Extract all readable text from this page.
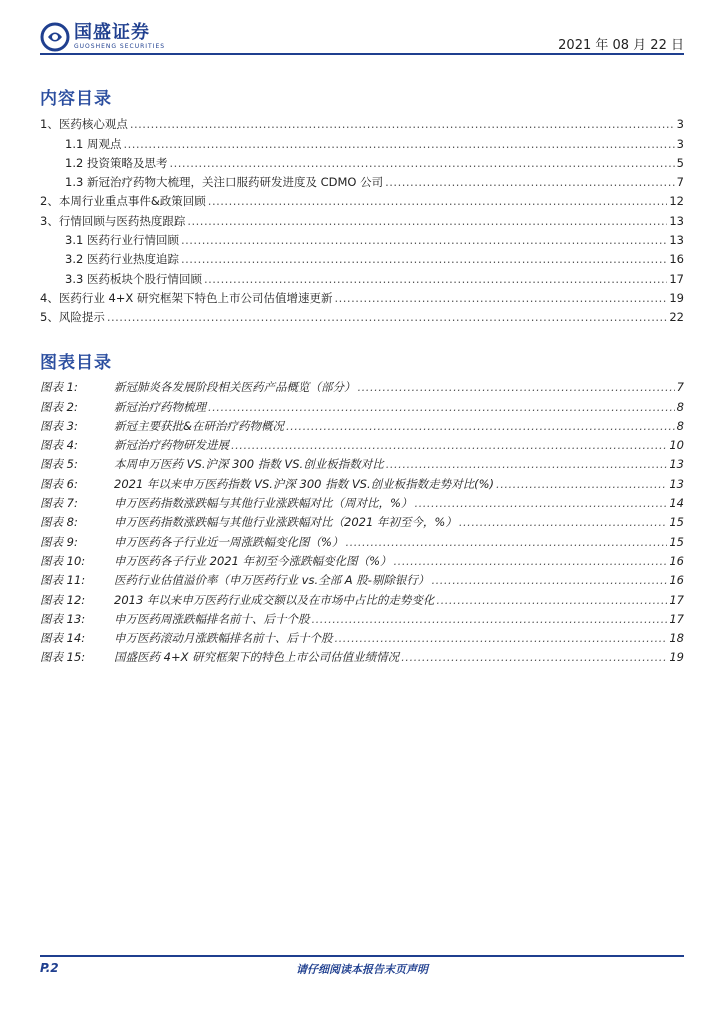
国盛证券
GUOSHENG SECURITIES	2021 年 08 月 22 日
内容目录
1、医药核心观点 .....	3
1.1 周观点 .....	3
1.2 投资策略及思考 .....	5
1.3 新冠治疗药物大梳理，关注口服药研发进度及 CDMO 公司 .....	7
2、本周行业重点事件&政策回顾 .....	12
3、行情回顾与医药热度跟踪 .....	13
3.1 医药行业行情回顾 .....	13
3.2 医药行业热度追踪 .....	16
3.3 医药板块个股行情回顾 .....	17
4、医药行业 4+X 研究框架下特色上市公司估值增速更新 .....	19
5、风险提示 .....	22
图表目录
图表 1:	新冠肺炎各发展阶段相关医药产品概览（部分） .....	7
图表 2:	新冠治疗药物梳理 .....	8
图表 3:	新冠主要获批&在研治疗药物概况 .....	8
图表 4:	新冠治疗药物研发进展 .....	10
图表 5:	本周申万医药 VS.沪深 300 指数 VS.创业板指数对比 .....	13
图表 6:	2021 年以来申万医药指数 VS.沪深 300 指数 VS.创业板指数走势对比(%) .....	13
图表 7:	申万医药指数涨跌幅与其他行业涨跌幅对比（周对比，%） .....	14
图表 8:	申万医药指数涨跌幅与其他行业涨跌幅对比（2021 年初至今，%） .....	15
图表 9:	申万医药各子行业近一周涨跌幅变化图（%） .....	15
图表 10:	申万医药各子行业 2021 年初至今涨跌幅变化图（%） .....	16
图表 11:	医药行业估值溢价率（申万医药行业 vs.全部 A 股-剔除银行） .....	16
图表 12:	2013 年以来申万医药行业成交额以及在市场中占比的走势变化 .....	17
图表 13:	申万医药周涨跌幅排名前十、后十个股 .....	17
图表 14:	申万医药滚动月涨跌幅排名前十、后十个股 .....	18
图表 15:	国盛医药 4+X 研究框架下的特色上市公司估值业绩情况 .....	19
P.2	请仔细阅读本报告末页声明
